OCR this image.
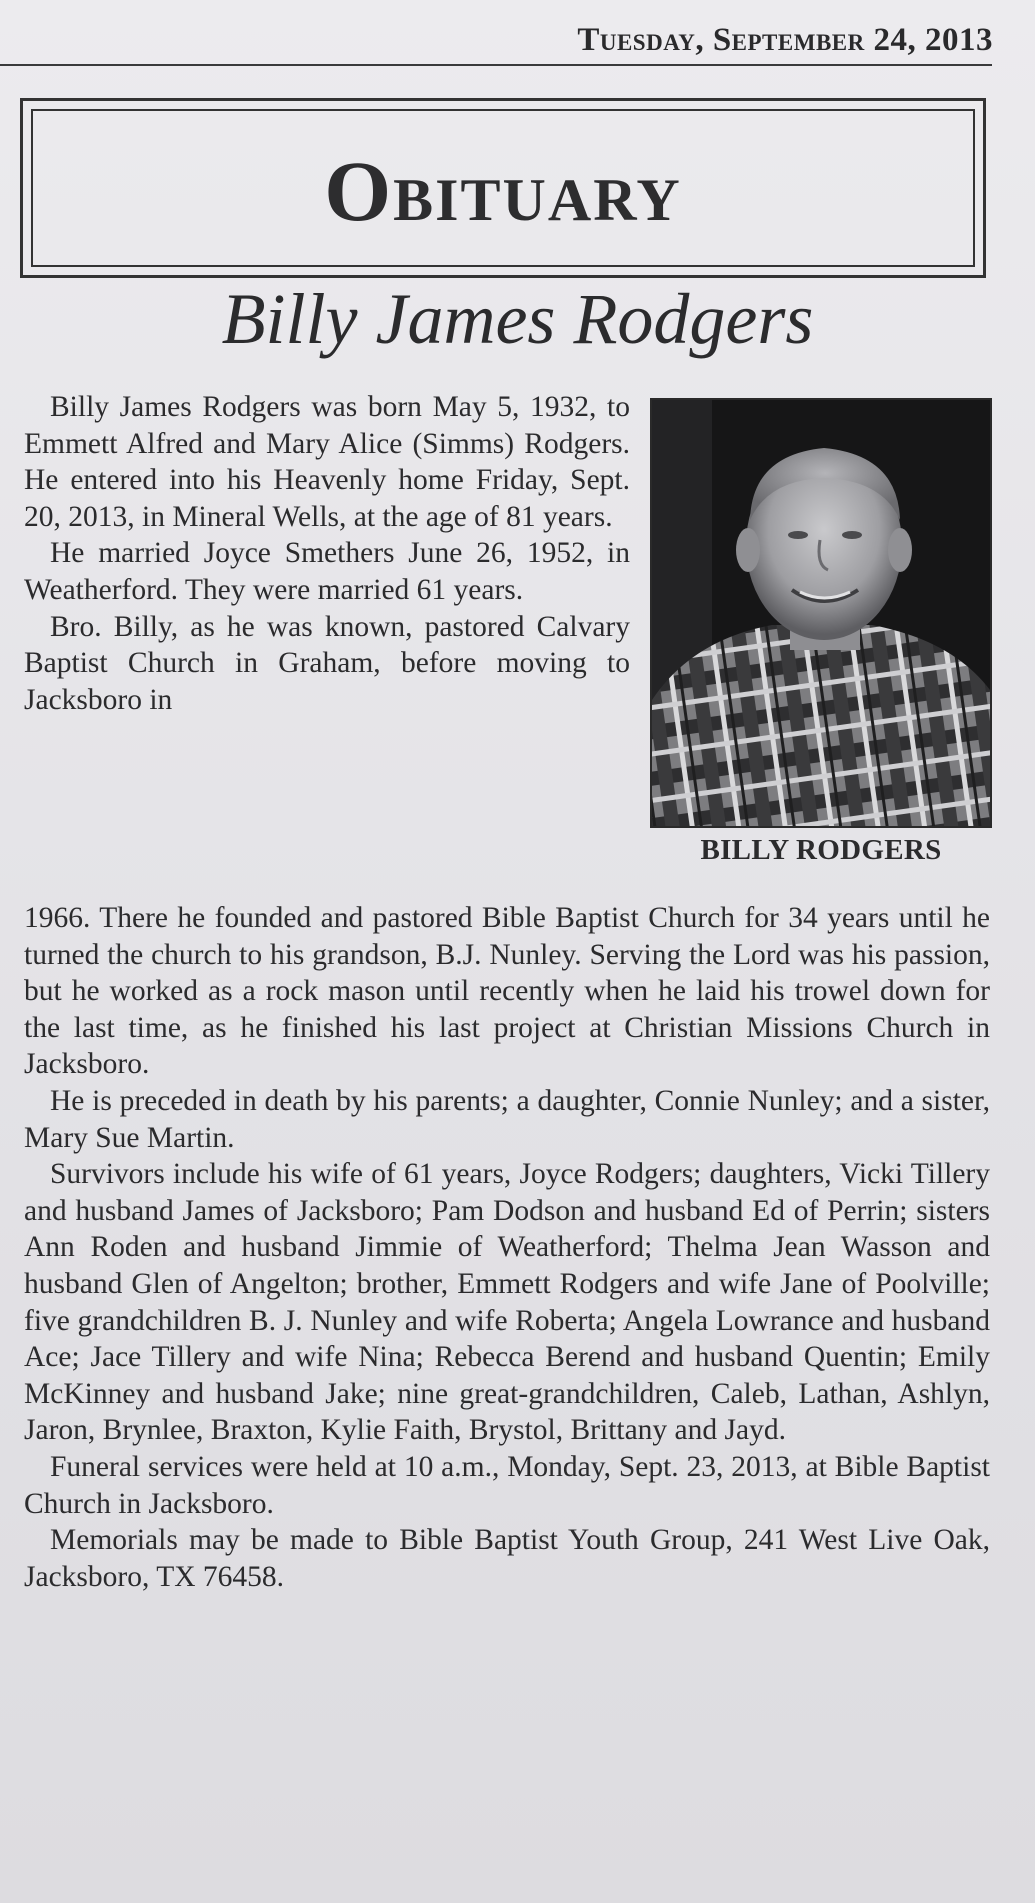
Tuesday, September 24, 2013
Obituary
Billy James Rodgers

Billy James Rodgers was born May 5, 1932, to Emmett Alfred and Mary Alice (Simms) Rodgers. He entered into his Heavenly home Friday, Sept. 20, 2013, in Mineral Wells, at the age of 81 years.

He married Joyce Smethers June 26, 1952, in Weatherford. They were married 61 years.

Bro. Billy, as he was known, pastored Calvary Baptist Church in Graham, before moving to Jacksboro in

BILLY RODGERS

1966. There he founded and pastored Bible Baptist Church for 34 years until he turned the church to his grandson, B.J. Nunley. Serving the Lord was his passion, but he worked as a rock mason until recently when he laid his trowel down for the last time, as he finished his last project at Christian Missions Church in Jacksboro.

He is preceded in death by his parents; a daughter, Connie Nunley; and a sister, Mary Sue Martin.

Survivors include his wife of 61 years, Joyce Rodgers; daughters, Vicki Tillery and husband James of Jacksboro; Pam Dodson and husband Ed of Perrin; sisters Ann Roden and husband Jimmie of Weatherford; Thelma Jean Wasson and husband Glen of Angelton; brother, Emmett Rodgers and wife Jane of Poolville; five grandchildren B. J. Nunley and wife Roberta; Angela Lowrance and husband Ace; Jace Tillery and wife Nina; Rebecca Berend and husband Quentin; Emily McKinney and husband Jake; nine great-grandchildren, Caleb, Lathan, Ashlyn, Jaron, Brynlee, Braxton, Kylie Faith, Brystol, Brittany and Jayd.

Funeral services were held at 10 a.m., Monday, Sept. 23, 2013, at Bible Baptist Church in Jacksboro.

Memorials may be made to Bible Baptist Youth Group, 241 West Live Oak, Jacksboro, TX 76458.
